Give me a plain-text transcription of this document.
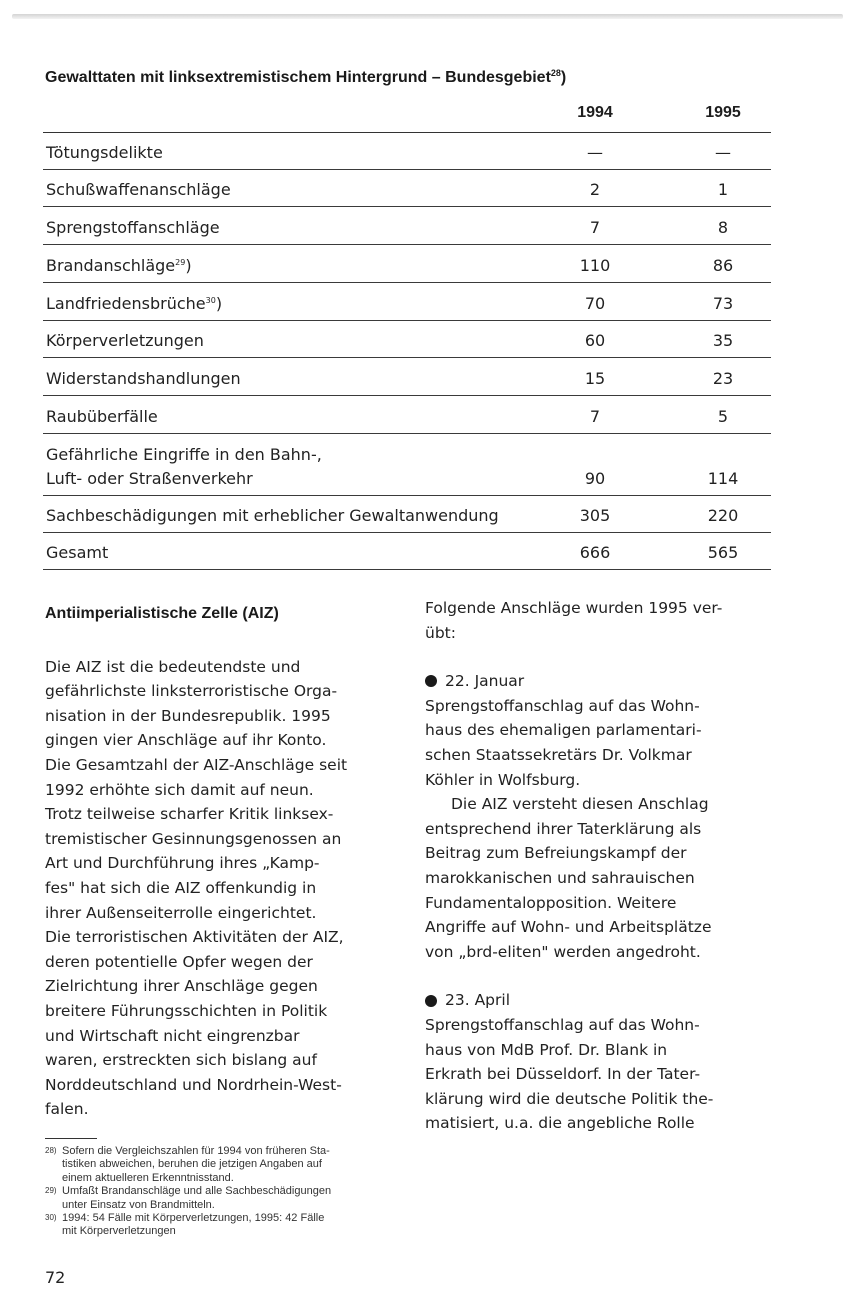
Gewalttaten mit linksextremistischem Hintergrund – Bundesgebiet$^{28}$)
1994	1995
Tötungsdelikte	—	—
Schußwaffenanschläge	2	1
Sprengstoffanschläge	7	8
Brandanschläge$^{29}$)	110	86
Landfriedensbrüche$^{30}$)	70	73
Körperverletzungen	60	35
Widerstandshandlungen	15	23
Raubüberfälle	7	5
Gefährliche Eingriffe in den Bahn-,
Luft- oder Straßenverkehr	90	114
Sachbeschädigungen mit erheblicher Gewaltanwendung	305	220
Gesamt	666	565
Antiimperialistische Zelle (AIZ)

Die AIZ ist die bedeutendste und
gefährlichste linksterroristische Orga-
nisation in der Bundesrepublik. 1995
gingen vier Anschläge auf ihr Konto.
Die Gesamtzahl der AIZ-Anschläge seit
1992 erhöhte sich damit auf neun.
Trotz teilweise scharfer Kritik linksex-
tremistischer Gesinnungsgenossen an
Art und Durchführung ihres „Kamp-
fes" hat sich die AIZ offenkundig in
ihrer Außenseiterrolle eingerichtet.
Die terroristischen Aktivitäten der AIZ,
deren potentielle Opfer wegen der
Zielrichtung ihrer Anschläge gegen
breitere Führungsschichten in Politik
und Wirtschaft nicht eingrenzbar
waren, erstreckten sich bislang auf
Norddeutschland und Nordrhein-West-
falen.

Folgende Anschläge wurden 1995 ver-
übt:

22. Januar

Sprengstoffanschlag auf das Wohn-
haus des ehemaligen parlamentari-
schen Staatssekretärs Dr. Volkmar
Köhler in Wolfsburg.

Die AIZ versteht diesen Anschlag
entsprechend ihrer Taterklärung als
Beitrag zum Befreiungskampf der
marokkanischen und sahrauischen
Fundamentalopposition. Weitere
Angriffe auf Wohn- und Arbeitsplätze
von „brd-eliten" werden angedroht.

23. April

Sprengstoffanschlag auf das Wohn-
haus von MdB Prof. Dr. Blank in
Erkrath bei Düsseldorf. In der Tater-
klärung wird die deutsche Politik the-
matisiert, u.a. die angebliche Rolle

28) Sofern die Vergleichszahlen für 1994 von früheren Sta-
tistiken abweichen, beruhen die jetzigen Angaben auf
einem aktuelleren Erkenntnisstand.
29) Umfaßt Brandanschläge und alle Sachbeschädigungen
unter Einsatz von Brandmitteln.
30) 1994: 54 Fälle mit Körperverletzungen, 1995: 42 Fälle
mit Körperverletzungen
72
